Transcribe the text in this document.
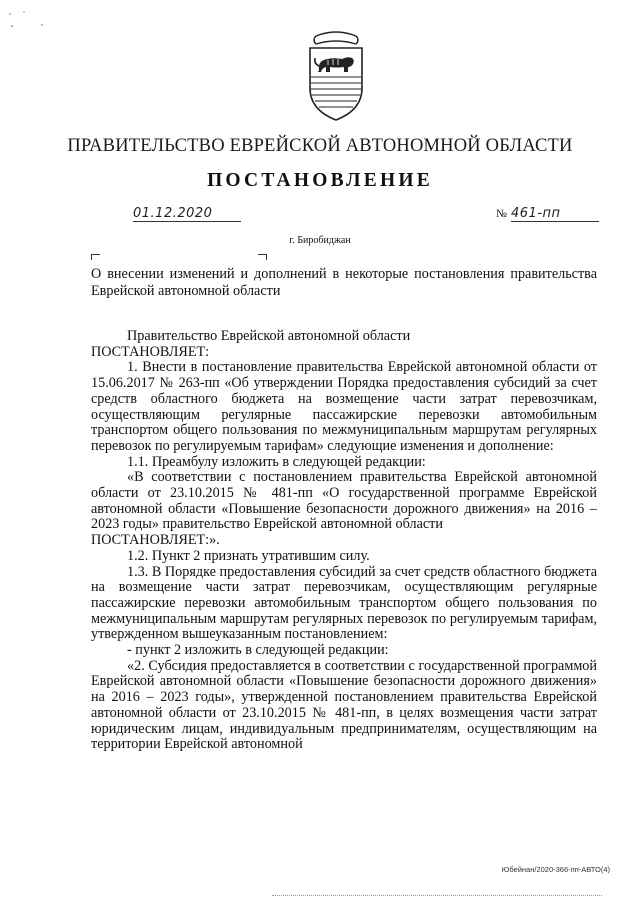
ПРАВИТЕЛЬСТВО ЕВРЕЙСКОЙ АВТОНОМНОЙ ОБЛАСТИ
ПОСТАНОВЛЕНИЕ
01.12.2020	№ 461-пп
г. Биробиджан
О внесении изменений и дополнений в некоторые постановления правительства Еврейской автономной области

Правительство Еврейской автономной области

ПОСТАНОВЛЯЕТ:

1. Внести в постановление правительства Еврейской автономной области от 15.06.2017 № 263-пп «Об утверждении Порядка предоставления субсидий за счет средств областного бюджета на возмещение части затрат перевозчикам, осуществляющим регулярные пассажирские перевозки автомобильным транспортом общего пользования по межмуниципальным маршрутам регулярных перевозок по регулируемым тарифам» следующие изменения и дополнение:

1.1. Преамбулу изложить в следующей редакции:

«В соответствии с постановлением правительства Еврейской автономной области от 23.10.2015 № 481-пп «О государственной программе Еврейской автономной области «Повышение безопасности дорожного движения» на 2016 – 2023 годы» правительство Еврейской автономной области

ПОСТАНОВЛЯЕТ:».

1.2. Пункт 2 признать утратившим силу.

1.3. В Порядке предоставления субсидий за счет средств областного бюджета на возмещение части затрат перевозчикам, осуществляющим регулярные пассажирские перевозки автомобильным транспортом общего пользования по межмуниципальным маршрутам регулярных перевозок по регулируемым тарифам, утвержденном вышеуказанным постановлением:

- пункт 2 изложить в следующей редакции:

«2. Субсидия предоставляется в соответствии с государственной программой Еврейской автономной области «Повышение безопасности дорожного движения» на 2016 – 2023 годы», утвержденной постановлением правительства Еврейской автономной области от 23.10.2015 № 481-пп, в целях возмещения части затрат юридическим лицам, индивидуальным предпринимателям, осуществляющим на территории Еврейской автономной

Юбейнан/2020-366-пп-АВТО(4)
